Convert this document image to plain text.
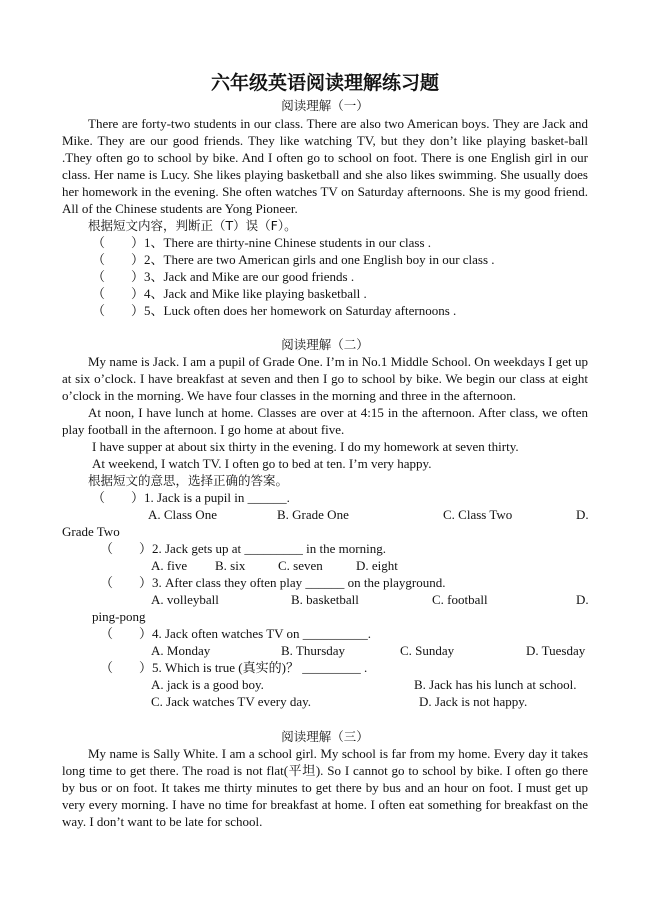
六年级英语阅读理解练习题
阅读理解（一）

There are forty-two students in our class. There are also two American boys. They are Jack and Mike. They are our good friends. They like watching TV, but they don’t like playing basket-ball .They often go to school by bike. And I often go to school on foot. There is one English girl in our class. Her name is Lucy. She likes playing basketball and she also likes swimming. She usually does her homework in the evening. She often watches TV on Saturday afternoons. She is my good friend. All of the Chinese students are Yong Pioneer.

根据短文内容，判断正（T）误（F）。
（　　）1、There are thirty-nine Chinese students in our class .
（　　）2、There are two American girls and one English boy in our class .
（　　）3、Jack and Mike are our good friends .
（　　）4、Jack and Mike like playing basketball .
（　　）5、Luck often does her homework on Saturday afternoons .
阅读理解（二）

My name is Jack. I am a pupil of Grade One. I’m in No.1 Middle School. On weekdays I get up at six o’clock. I have breakfast at seven and then I go to school by bike. We begin our class at eight o’clock in the morning. We have four classes in the morning and three in the afternoon.

At noon, I have lunch at home. Classes are over at 4:15 in the afternoon. After class, we often play football in the afternoon. I go home at about five.

I have supper at about six thirty in the evening. I do my homework at seven thirty.
At weekend, I watch TV. I often go to bed at ten. I’m very happy.
根据短文的意思，选择正确的答案。
（　　）1. Jack is a pupil in ______.
A. Class One	B. Grade One	C. Class Two	D.
Grade Two
（　　）2. Jack gets up at _________ in the morning.
A. five B. six	C. seven	D. eight
（　　）3. After class they often play ______ on the playground.
A. volleyball	B. basketball	C. football	D.
ping-pong
（　　）4. Jack often watches TV on __________.
A. Monday	B. Thursday	C. Sunday	D. Tuesday
（　　）5. Which is true (真实的)？ _________ .
A. jack is a good boy.	B. Jack has his lunch at school.
C. Jack watches TV every day.	D. Jack is not happy.
阅读理解（三）

My name is Sally White. I am a school girl. My school is far from my home. Every day it takes long time to get there. The road is not flat(平坦). So I cannot go to school by bike. I often go there by bus or on foot. It takes me thirty minutes to get there by bus and an hour on foot. I must get up very every morning. I have no time for breakfast at home. I often eat something for breakfast on the way. I don’t want to be late for school.
